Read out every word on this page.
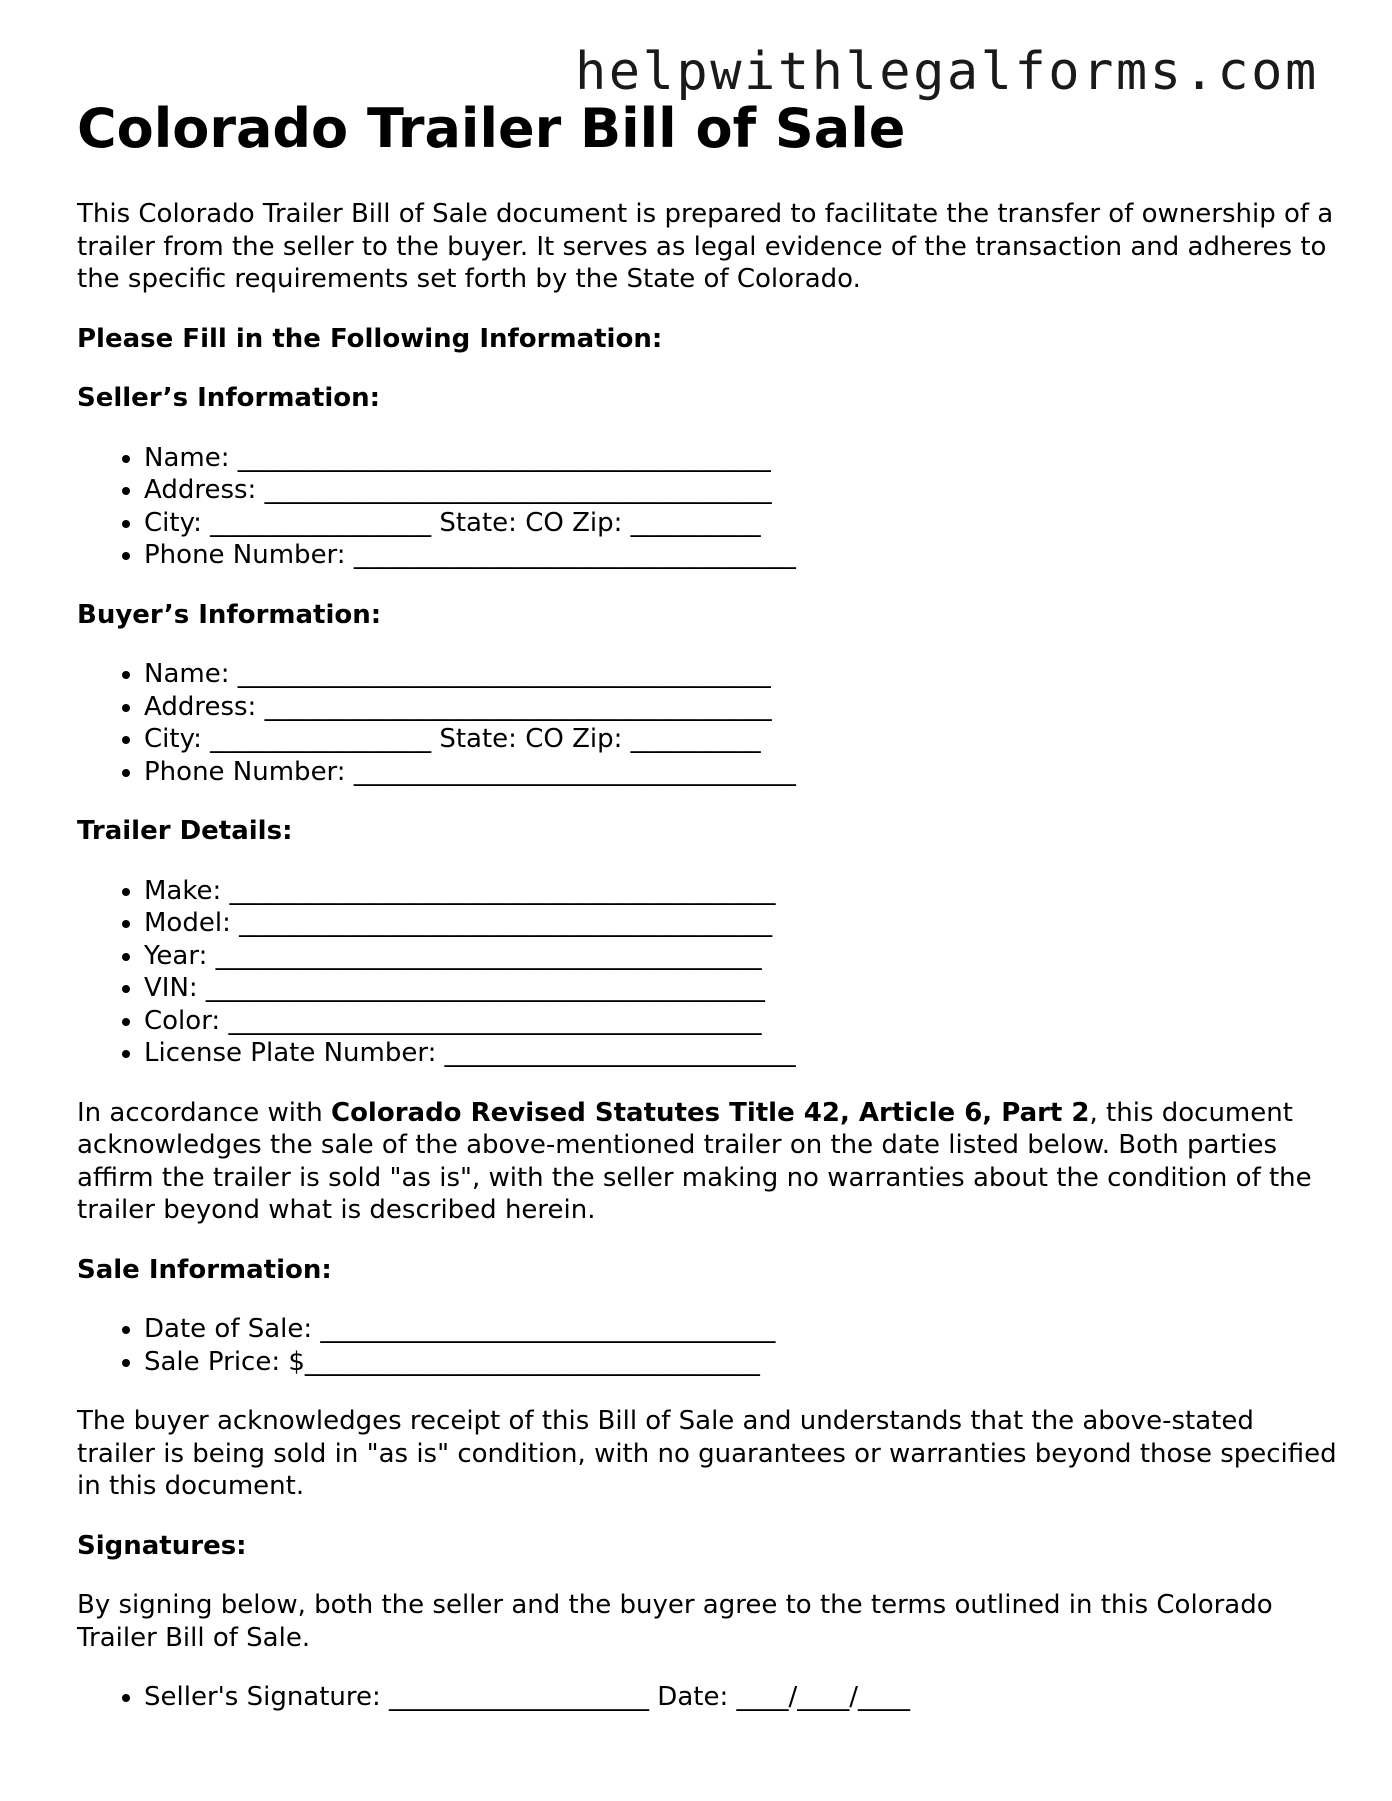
helpwithlegalforms.com
Colorado Trailer Bill of Sale

This Colorado Trailer Bill of Sale document is prepared to facilitate the transfer of ownership of a trailer from the seller to the buyer. It serves as legal evidence of the transaction and adheres to the specific requirements set forth by the State of Colorado.

Please Fill in the Following Information:
Seller’s Information:
• Name: _________________________________________
• Address: _______________________________________
• City: _________________ State: CO Zip: __________
• Phone Number: __________________________________
Buyer’s Information:
• Name: _________________________________________
• Address: _______________________________________
• City: _________________ State: CO Zip: __________
• Phone Number: __________________________________
Trailer Details:
• Make: __________________________________________
• Model: _________________________________________
• Year: __________________________________________
• VIN: ___________________________________________
• Color: _________________________________________
• License Plate Number: ___________________________

In accordance with Colorado Revised Statutes Title 42, Article 6, Part 2, this document acknowledges the sale of the above-mentioned trailer on the date listed below. Both parties affirm the trailer is sold "as is", with the seller making no warranties about the condition of the trailer beyond what is described herein.

Sale Information:
• Date of Sale: ___________________________________
• Sale Price: $___________________________________

The buyer acknowledges receipt of this Bill of Sale and understands that the above-stated trailer is being sold in "as is" condition, with no guarantees or warranties beyond those specified in this document.

Signatures:

By signing below, both the seller and the buyer agree to the terms outlined in this Colorado Trailer Bill of Sale.

• Seller's Signature: ____________________ Date: ____/____/____
